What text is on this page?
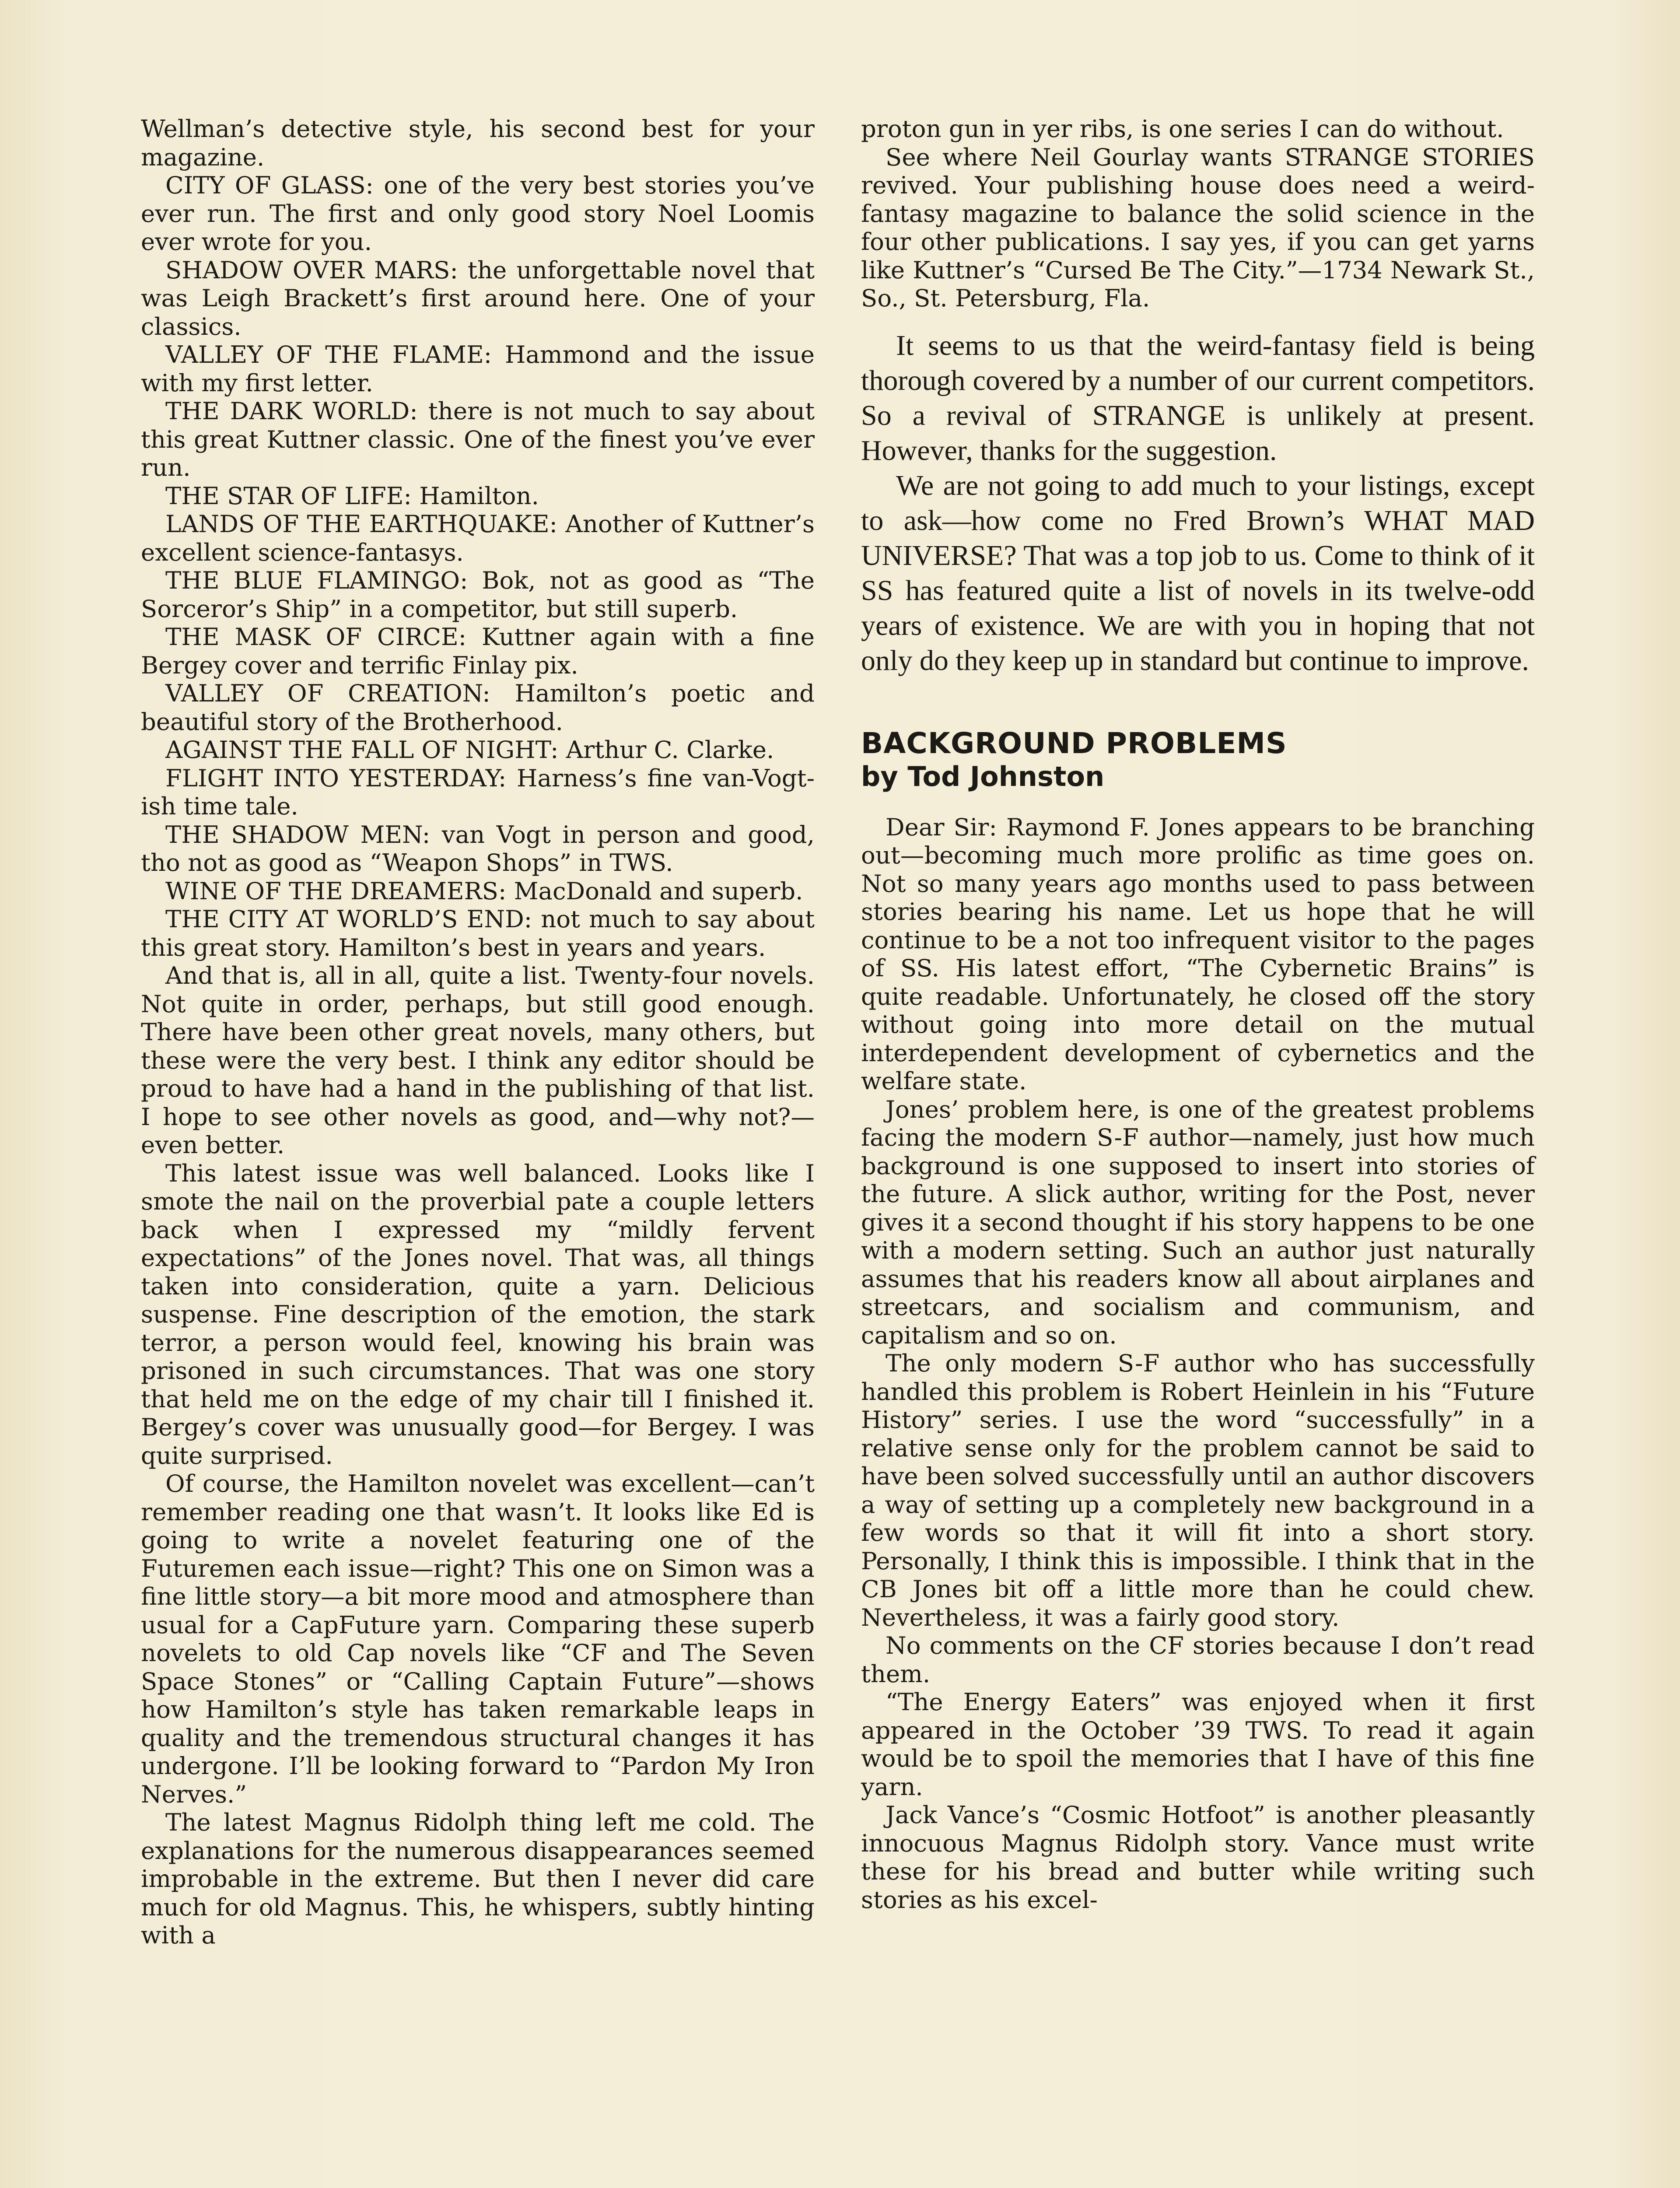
Wellman’s detective style, his second best for your magazine.

CITY OF GLASS: one of the very best stories you’ve ever run. The first and only good story Noel Loomis ever wrote for you.

SHADOW OVER MARS: the unforgettable novel that was Leigh Brackett’s first around here. One of your classics.

VALLEY OF THE FLAME: Hammond and the issue with my first letter.

THE DARK WORLD: there is not much to say about this great Kuttner classic. One of the finest you’ve ever run.

THE STAR OF LIFE: Hamilton.

LANDS OF THE EARTHQUAKE: Another of Kuttner’s excellent science-fantasys.

THE BLUE FLAMINGO: Bok, not as good as “The Sorceror’s Ship” in a competitor, but still superb.

THE MASK OF CIRCE: Kuttner again with a fine Bergey cover and terrific Finlay pix.

VALLEY OF CREATION: Hamilton’s poetic and beautiful story of the Brotherhood.

AGAINST THE FALL OF NIGHT: Arthur C. Clarke.

FLIGHT INTO YESTERDAY: Harness’s fine van-Vogt-ish time tale.

THE SHADOW MEN: van Vogt in person and good, tho not as good as “Weapon Shops” in TWS.

WINE OF THE DREAMERS: MacDonald and superb.

THE CITY AT WORLD’S END: not much to say about this great story. Hamilton’s best in years and years.

And that is, all in all, quite a list. Twenty-four novels. Not quite in order, perhaps, but still good enough. There have been other great novels, many others, but these were the very best. I think any editor should be proud to have had a hand in the publishing of that list. I hope to see other novels as good, and—why not?—even better.

This latest issue was well balanced. Looks like I smote the nail on the proverbial pate a couple letters back when I expressed my “mildly fervent expectations” of the Jones novel. That was, all things taken into consideration, quite a yarn. Delicious suspense. Fine description of the emotion, the stark terror, a person would feel, knowing his brain was prisoned in such circumstances. That was one story that held me on the edge of my chair till I finished it. Bergey’s cover was unusually good—for Bergey. I was quite surprised.

Of course, the Hamilton novelet was excellent—can’t remember reading one that wasn’t. It looks like Ed is going to write a novelet featuring one of the Futuremen each issue—right? This one on Simon was a fine little story—a bit more mood and atmosphere than usual for a CapFuture yarn. Comparing these superb novelets to old Cap novels like “CF and The Seven Space Stones” or “Calling Captain Future”—shows how Hamilton’s style has taken remarkable leaps in quality and the tremendous structural changes it has undergone. I’ll be looking forward to “Pardon My Iron Nerves.”

The latest Magnus Ridolph thing left me cold. The explanations for the numerous disappearances seemed improbable in the extreme. But then I never did care much for old Magnus. This, he whispers, subtly hinting with a

proton gun in yer ribs, is one series I can do without.

See where Neil Gourlay wants STRANGE STORIES revived. Your publishing house does need a weird-fantasy magazine to balance the solid science in the four other publications. I say yes, if you can get yarns like Kuttner’s “Cursed Be The City.”—1734 Newark St., So., St. Petersburg, Fla.

It seems to us that the weird-fantasy field is being thorough covered by a number of our current competitors. So a revival of STRANGE is unlikely at present. However, thanks for the suggestion.

We are not going to add much to your listings, except to ask—how come no Fred Brown’s WHAT MAD UNIVERSE? That was a top job to us. Come to think of it SS has featured quite a list of novels in its twelve-odd years of existence. We are with you in hoping that not only do they keep up in standard but continue to improve.

BACKGROUND PROBLEMS
by Tod Johnston

Dear Sir: Raymond F. Jones appears to be branching out—becoming much more prolific as time goes on. Not so many years ago months used to pass between stories bearing his name. Let us hope that he will continue to be a not too infrequent visitor to the pages of SS. His latest effort, “The Cybernetic Brains” is quite readable. Unfortunately, he closed off the story without going into more detail on the mutual interdependent development of cybernetics and the welfare state.

Jones’ problem here, is one of the greatest problems facing the modern S-F author—namely, just how much background is one supposed to insert into stories of the future. A slick author, writing for the Post, never gives it a second thought if his story happens to be one with a modern setting. Such an author just naturally assumes that his readers know all about airplanes and streetcars, and socialism and communism, and capitalism and so on.

The only modern S-F author who has successfully handled this problem is Robert Heinlein in his “Future History” series. I use the word “successfully” in a relative sense only for the problem cannot be said to have been solved successfully until an author discovers a way of setting up a completely new background in a few words so that it will fit into a short story. Personally, I think this is impossible. I think that in the CB Jones bit off a little more than he could chew. Nevertheless, it was a fairly good story.

No comments on the CF stories because I don’t read them.

“The Energy Eaters” was enjoyed when it first appeared in the October ’39 TWS. To read it again would be to spoil the memories that I have of this fine yarn.

Jack Vance’s “Cosmic Hotfoot” is another pleasantly innocuous Magnus Ridolph story. Vance must write these for his bread and butter while writing such stories as his excel-
